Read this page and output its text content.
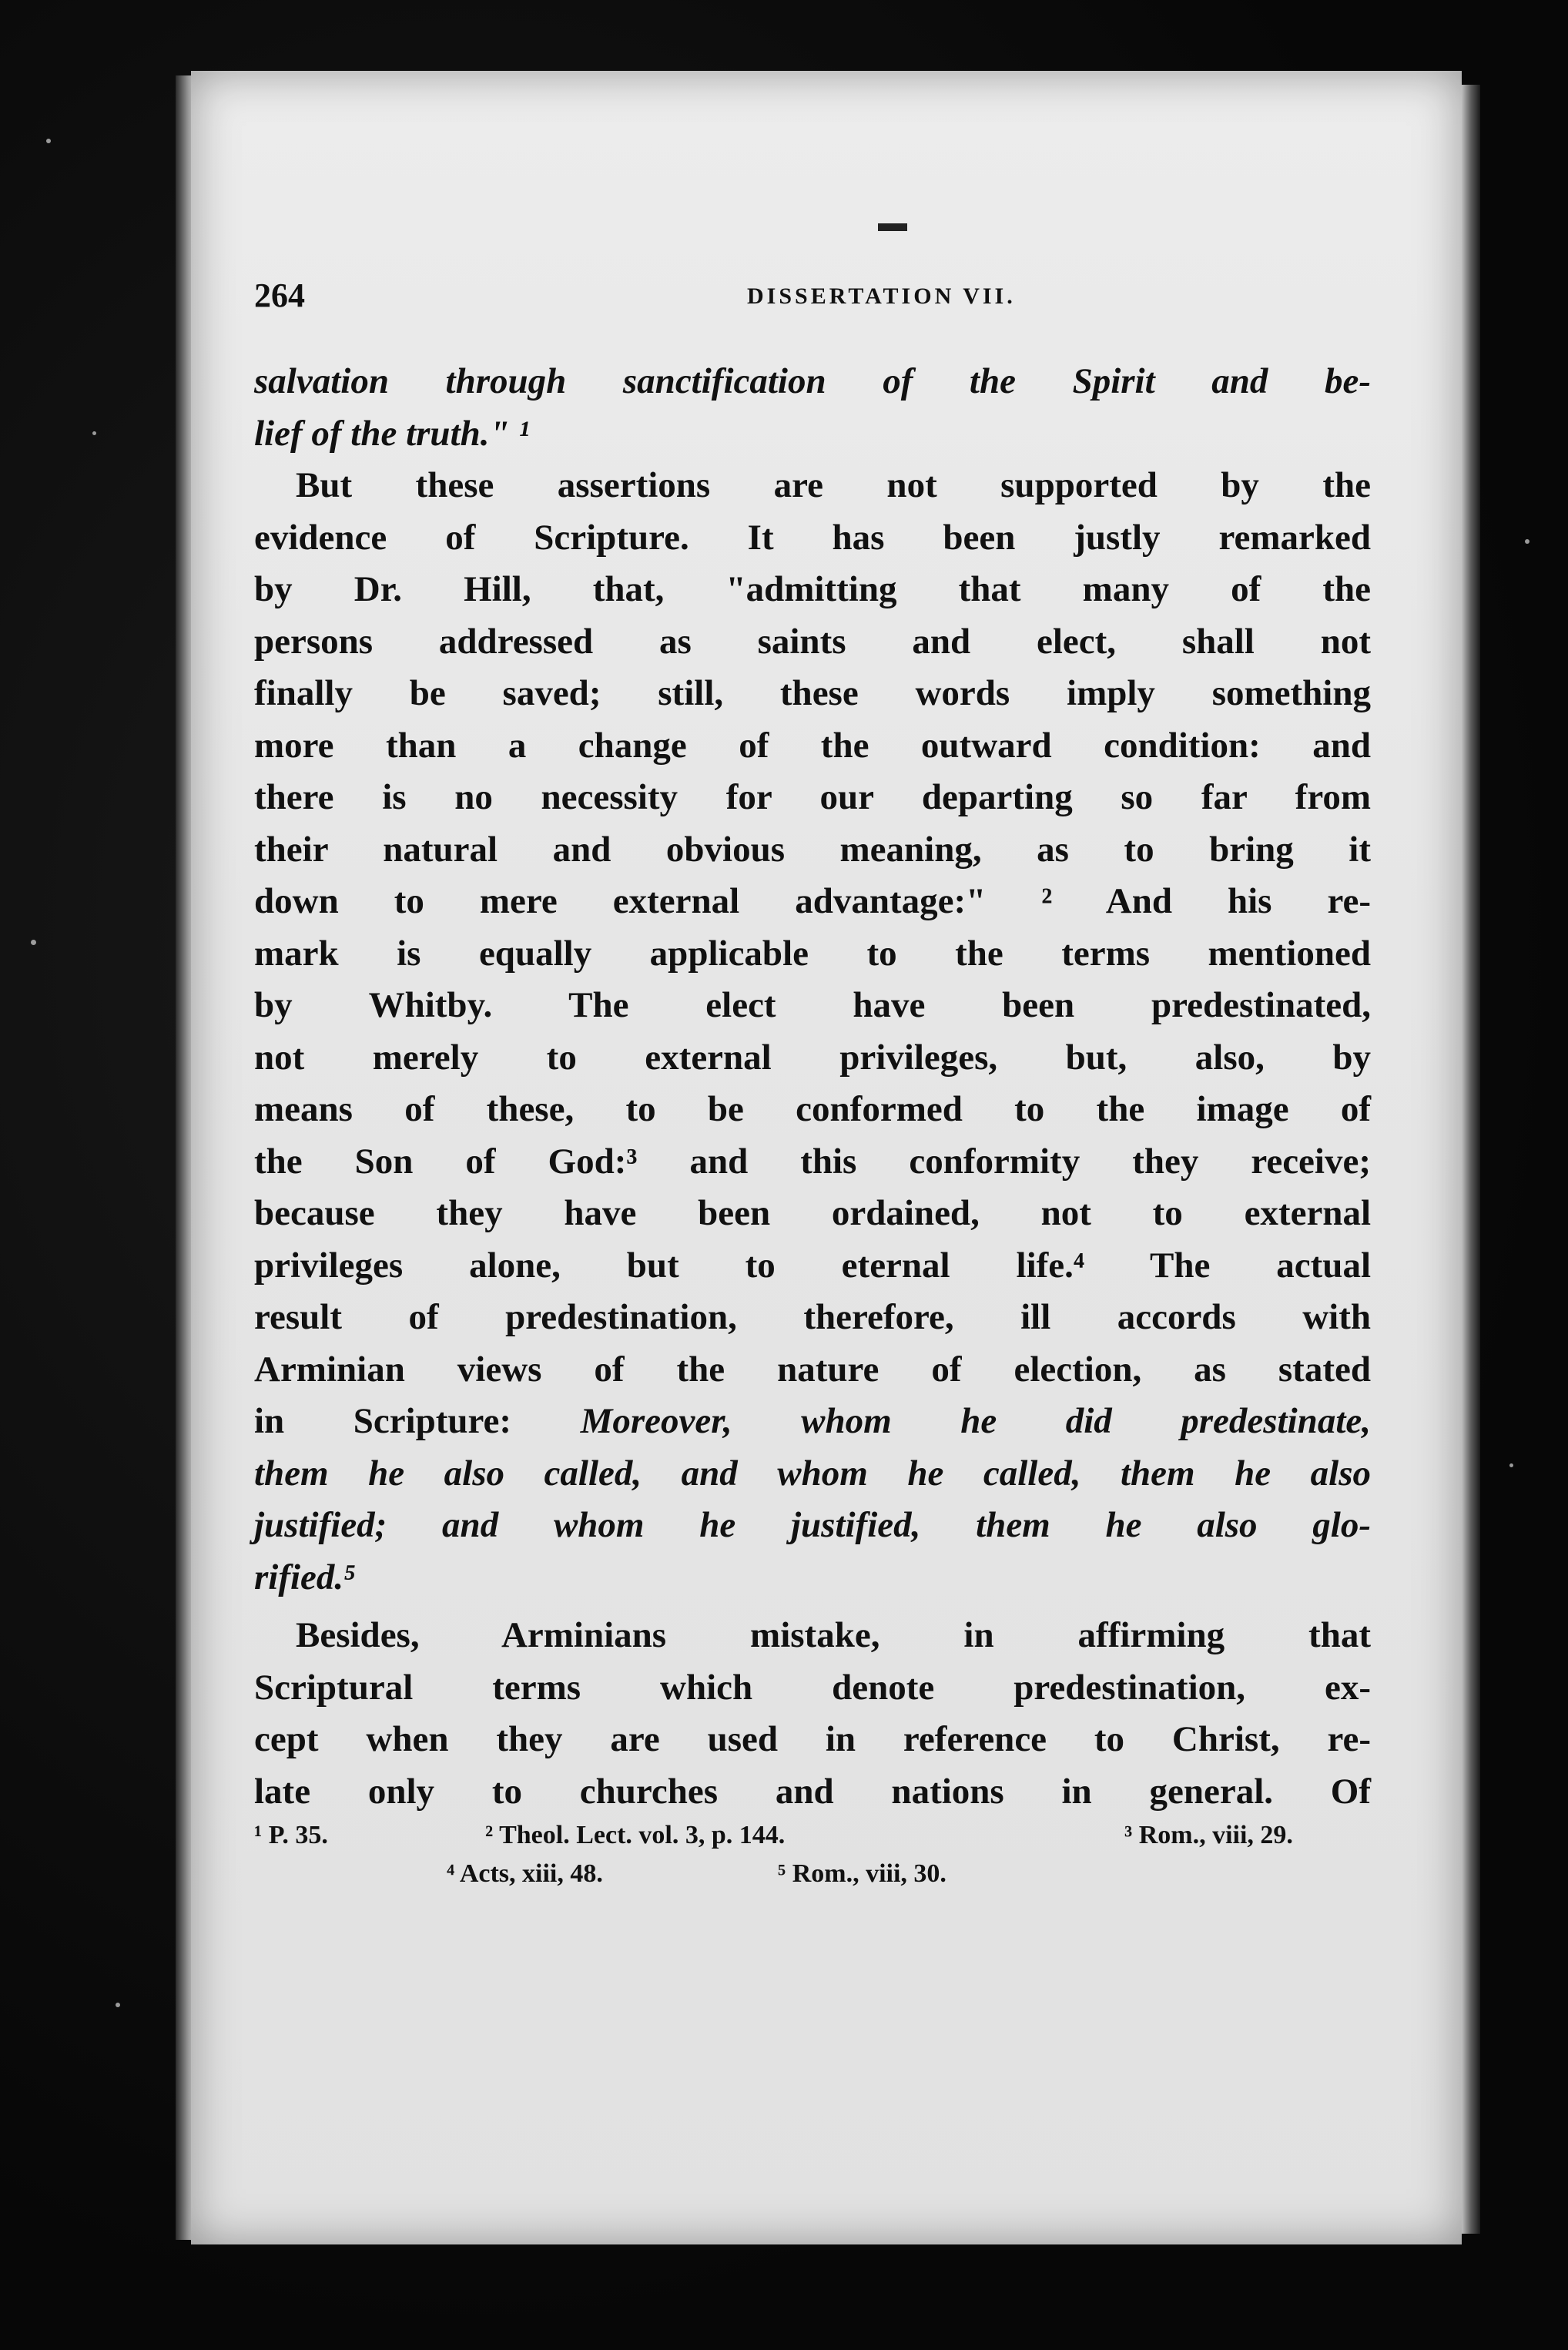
264	DISSERTATION VII.
salvation through sanctification of the Spirit and be-
lief of the truth." ¹
But these assertions are not supported by the
evidence of Scripture. It has been justly remarked
by Dr. Hill, that, "admitting that many of the
persons addressed as saints and elect, shall not
finally be saved; still, these words imply something
more than a change of the outward condition: and
there is no necessity for our departing so far from
their natural and obvious meaning, as to bring it
down to mere external advantage:" ² And his re-
mark is equally applicable to the terms mentioned
by Whitby. The elect have been predestinated,
not merely to external privileges, but, also, by
means of these, to be conformed to the image of
the Son of God:³ and this conformity they receive;
because they have been ordained, not to external
privileges alone, but to eternal life.⁴ The actual
result of predestination, therefore, ill accords with
Arminian views of the nature of election, as stated
in Scripture: Moreover, whom he did predestinate,
them he also called, and whom he called, them he also
justified; and whom he justified, them he also glo-
rified.⁵
Besides, Arminians mistake, in affirming that
Scriptural terms which denote predestination, ex-
cept when they are used in reference to Christ, re-
late only to churches and nations in general. Of
¹ P. 35.	² Theol. Lect. vol. 3, p. 144.	³ Rom., viii, 29.
⁴ Acts, xiii, 48.	⁵ Rom., viii, 30.
